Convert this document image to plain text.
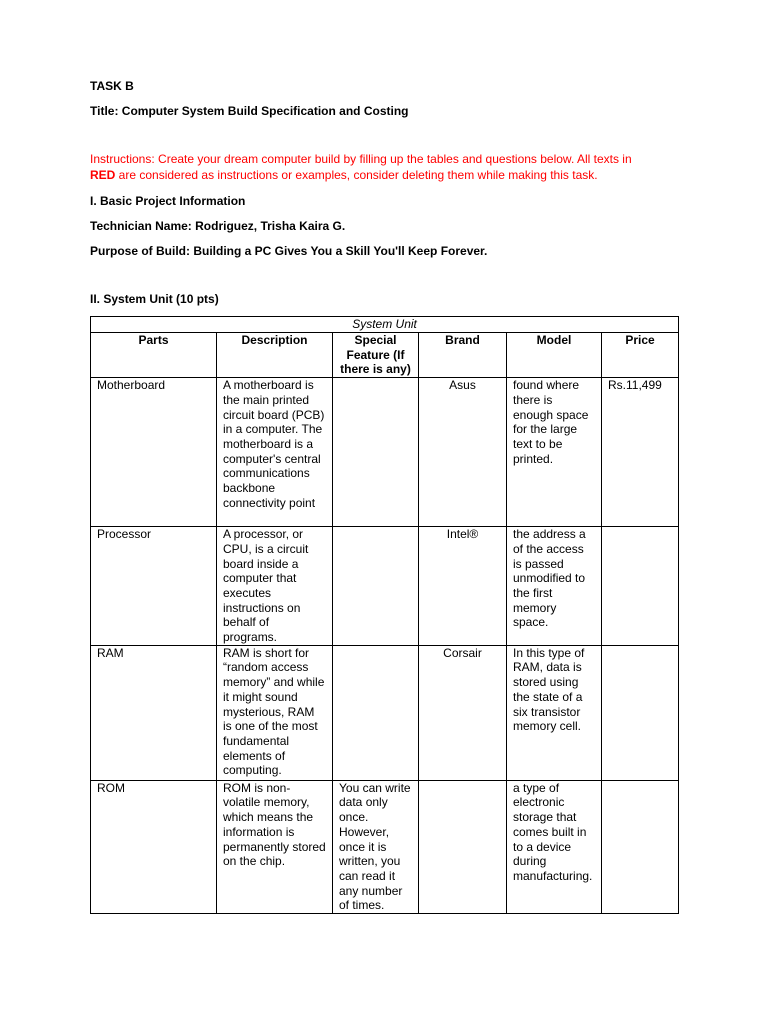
TASK B
Title: Computer System Build Specification and Costing
Instructions: Create your dream computer build by filling up the tables and questions below. All texts in
RED are considered as instructions or examples, consider deleting them while making this task.
I. Basic Project Information
Technician Name: Rodriguez, Trisha Kaira G.
Purpose of Build: Building a PC Gives You a Skill You'll Keep Forever.
II. System Unit (10 pts)
System Unit					
Parts	Description	Special Feature (If there is any)	Brand	Model	Price
Motherboard	A motherboard is the main printed circuit board (PCB) in a computer. The motherboard is a computer's central communications backbone connectivity point		Asus	found where there is enough space for the large text to be printed.	Rs.11,499
Processor	A processor, or CPU, is a circuit board inside a computer that executes instructions on behalf of programs.		Intel®	the address a of the access is passed unmodified to the first memory space.	
RAM	RAM is short for “random access memory” and while it might sound mysterious, RAM is one of the most fundamental elements of computing.		Corsair	In this type of RAM, data is stored using the state of a six transistor memory cell.	
ROM	ROM is non-volatile memory, which means the information is permanently stored on the chip.	You can write data only once. However, once it is written, you can read it any number of times.		a type of electronic storage that comes built in to a device during manufacturing.	
